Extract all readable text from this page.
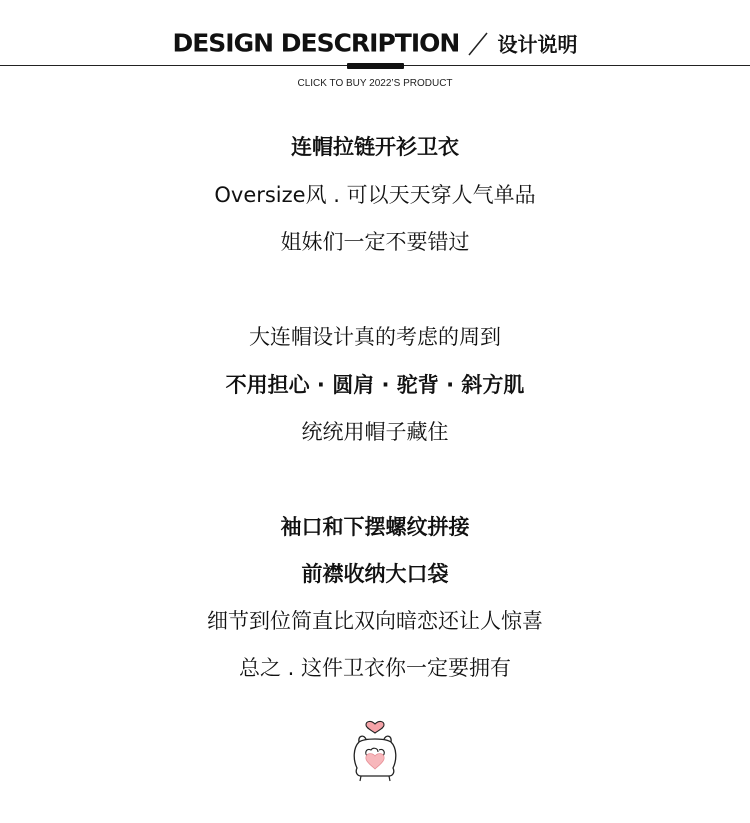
DESIGN DESCRIPTION 设计说明
CLICK TO BUY 2022’S PRODUCT
连帽拉链开衫卫衣
Oversize风 . 可以天天穿人气单品
姐妹们一定不要错过
大连帽设计真的考虑的周到
不用担心 · 圆肩 · 驼背 · 斜方肌
统统用帽子藏住
袖口和下摆螺纹拼接
前襟收纳大口袋
细节到位简直比双向暗恋还让人惊喜
总之 . 这件卫衣你一定要拥有
